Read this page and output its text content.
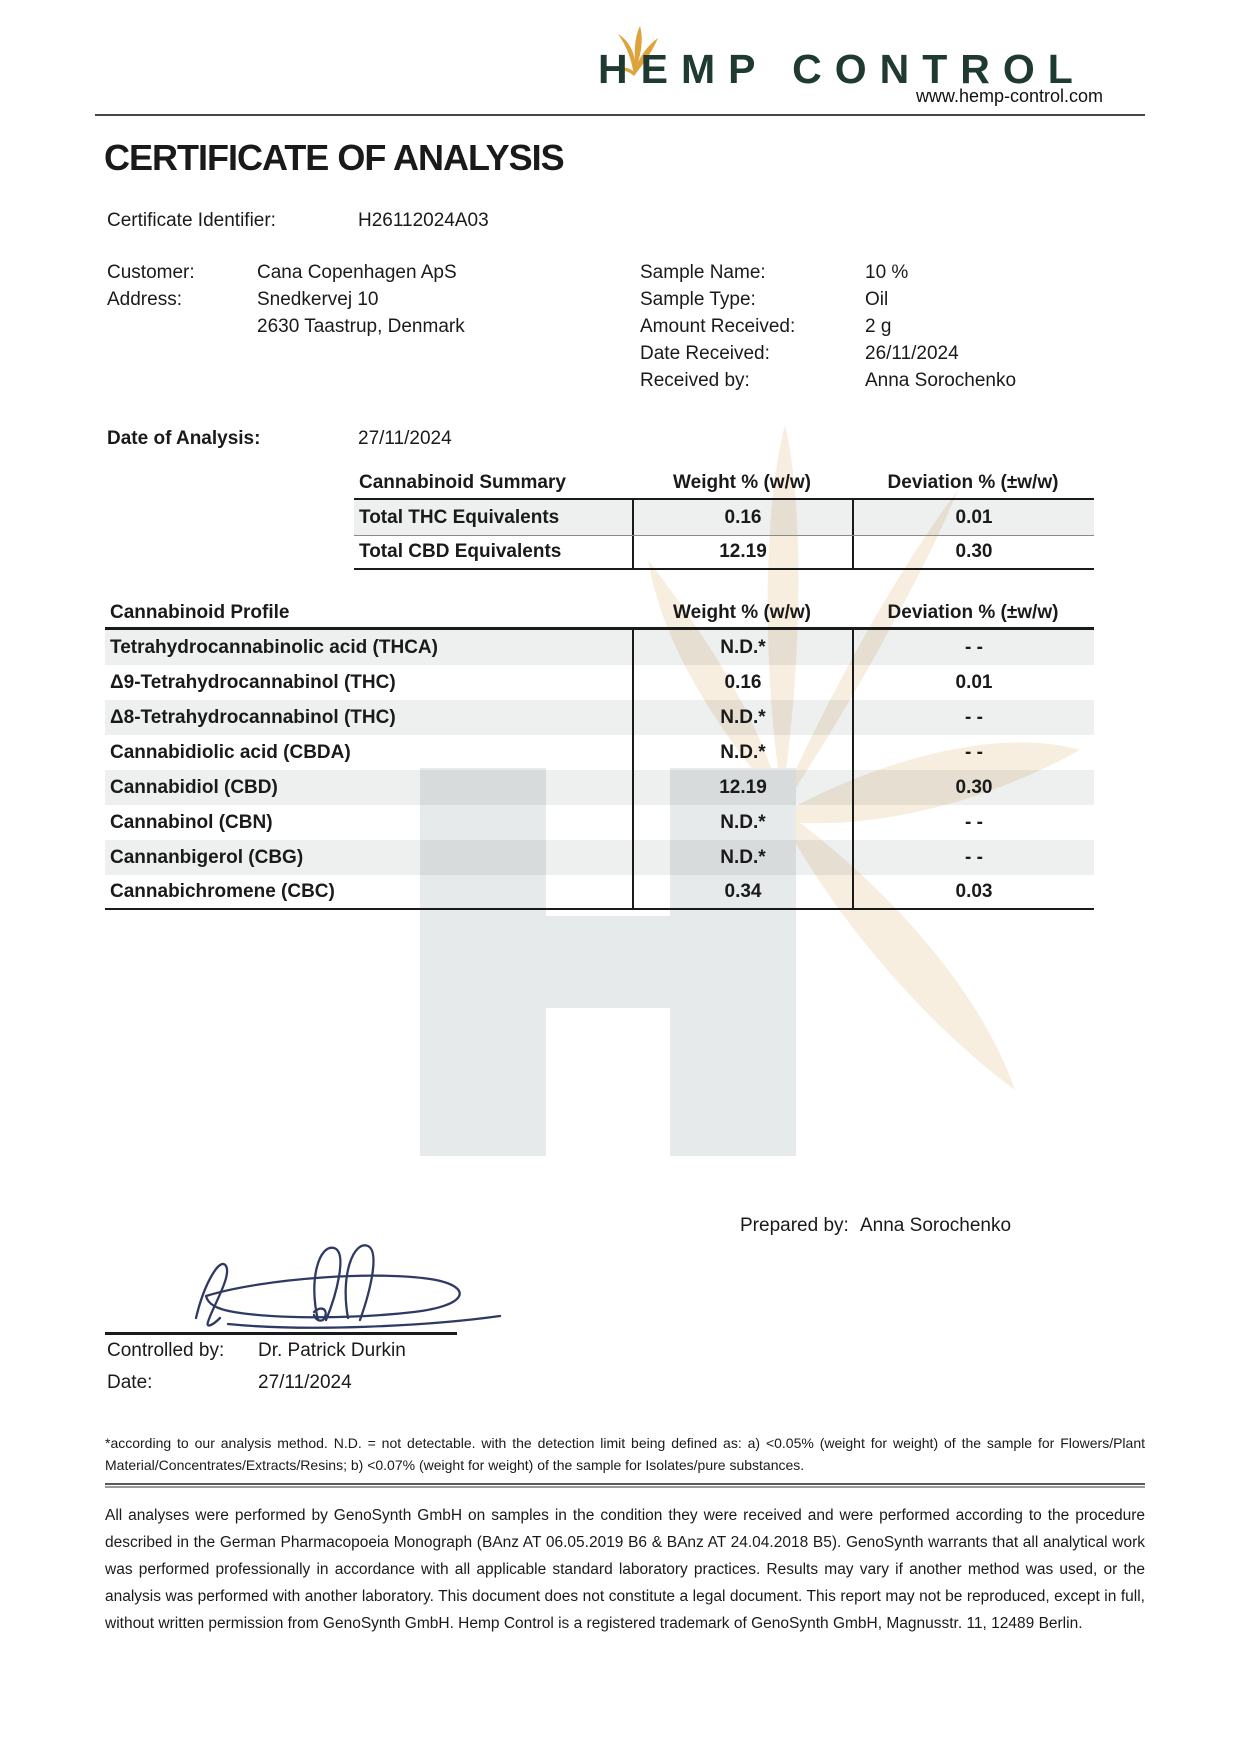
HEMP CONTROL
www.hemp-control.com
CERTIFICATE OF ANALYSIS
Certificate Identifier:	H26112024A03
Customer:	Cana Copenhagen ApS
Address:	Snedkervej 10
2630 Taastrup, Denmark
Sample Name:	10 %
Sample Type:	Oil
Amount Received:	2 g
Date Received:	26/11/2024
Received by:	Anna Sorochenko
Date of Analysis:	27/11/2024
Cannabinoid Summary	Weight % (w/w)	Deviation % (±w/w)
Total THC Equivalents	0.16	0.01
Total CBD Equivalents	12.19	0.30
Cannabinoid Profile	Weight % (w/w)	Deviation % (±w/w)
Tetrahydrocannabinolic acid (THCA)	N.D.*	- -
Δ9-Tetrahydrocannabinol (THC)	0.16	0.01
Δ8-Tetrahydrocannabinol (THC)	N.D.*	- -
Cannabidiolic acid (CBDA)	N.D.*	- -
Cannabidiol (CBD)	12.19	0.30
Cannabinol (CBN)	N.D.*	- -
Cannanbigerol (CBG)	N.D.*	- -
Cannabichromene (CBC)	0.34	0.03
Prepared by: Anna Sorochenko
Controlled by: Dr. Patrick Durkin
Date:	27/11/2024
*according to our analysis method. N.D. = not detectable. with the detection limit being defined as: a) <0.05% (weight for weight) of the sample for Flowers/Plant Material/Concentrates/Extracts/Resins; b) <0.07% (weight for weight) of the sample for Isolates/pure substances.
All analyses were performed by GenoSynth GmbH on samples in the condition they were received and were performed according to the procedure described in the German Pharmacopoeia Monograph (BAnz AT 06.05.2019 B6 & BAnz AT 24.04.2018 B5). GenoSynth warrants that all analytical work was performed professionally in accordance with all applicable standard laboratory practices. Results may vary if another method was used, or the analysis was performed with another laboratory. This document does not constitute a legal document. This report may not be reproduced, except in full, without written permission from GenoSynth GmbH. Hemp Control is a registered trademark of GenoSynth GmbH, Magnusstr. 11, 12489 Berlin.
